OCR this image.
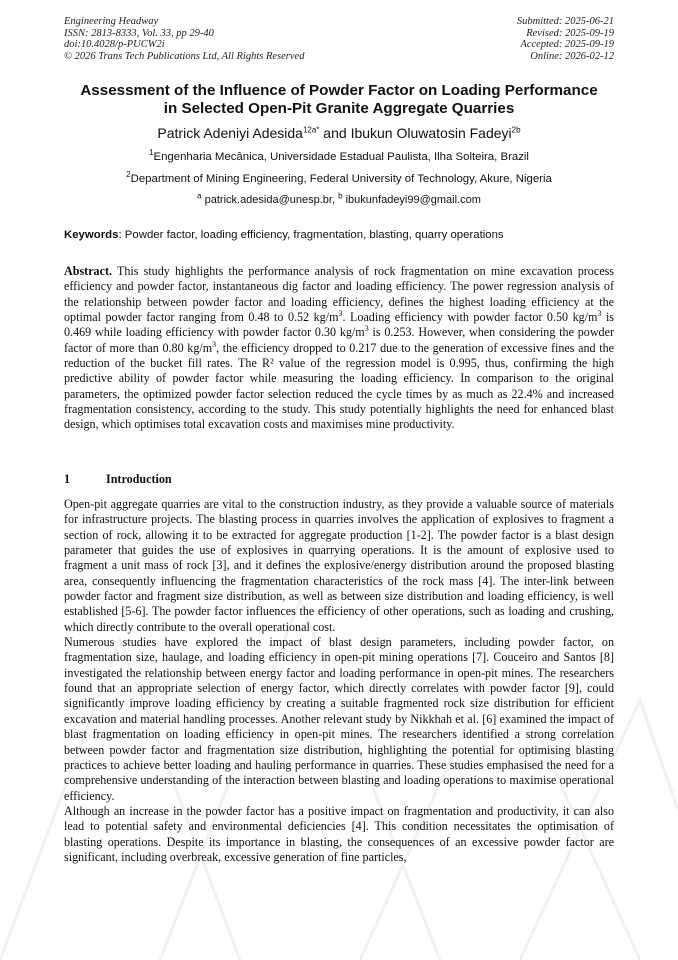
Engineering Headway
ISSN: 2813-8333, Vol. 33, pp 29-40
doi:10.4028/p-PUCW2i
© 2026 Trans Tech Publications Ltd, All Rights Reserved
Submitted: 2025-06-21
Revised: 2025-09-19
Accepted: 2025-09-19
Online: 2026-02-12
Assessment of the Influence of Powder Factor on Loading Performance
in Selected Open-Pit Granite Aggregate Quarries
Patrick Adeniyi Adesida$^{12a*}$ and Ibukun Oluwatosin Fadeyi$^{2b}$
$^1$Engenharia Mecânica, Universidade Estadual Paulista, Ilha Solteira, Brazil
$^2$Department of Mining Engineering, Federal University of Technology, Akure, Nigeria
$^a$ patrick.adesida@unesp.br, $^b$ ibukunfadeyi99@gmail.com
Keywords: Powder factor, loading efficiency, fragmentation, blasting, quarry operations
Abstract. This study highlights the performance analysis of rock fragmentation on mine excavation process efficiency and powder factor, instantaneous dig factor and loading efficiency. The power regression analysis of the relationship between powder factor and loading efficiency, defines the highest loading efficiency at the optimal powder factor ranging from 0.48 to 0.52 $kg/m^3$. Loading efficiency with powder factor 0.50 $kg/m^3$ is 0.469 while loading efficiency with powder factor 0.30 $kg/m^3$ is 0.253. However, when considering the powder factor of more than 0.80 $kg/m^3$, the efficiency dropped to 0.217 due to the generation of excessive fines and the reduction of the bucket fill rates. The R² value of the regression model is 0.995, thus, confirming the high predictive ability of powder factor while measuring the loading efficiency. In comparison to the original parameters, the optimized powder factor selection reduced the cycle times by as much as 22.4% and increased fragmentation consistency, according to the study. This study potentially highlights the need for enhanced blast design, which optimises total excavation costs and maximises mine productivity.
1	Introduction

Open-pit aggregate quarries are vital to the construction industry, as they provide a valuable source of materials for infrastructure projects. The blasting process in quarries involves the application of explosives to fragment a section of rock, allowing it to be extracted for aggregate production [1-2]. The powder factor is a blast design parameter that guides the use of explosives in quarrying operations. It is the amount of explosive used to fragment a unit mass of rock [3], and it defines the explosive/energy distribution around the proposed blasting area, consequently influencing the fragmentation characteristics of the rock mass [4]. The inter-link between powder factor and fragment size distribution, as well as between size distribution and loading efficiency, is well established [5-6]. The powder factor influences the efficiency of other operations, such as loading and crushing, which directly contribute to the overall operational cost.

Numerous studies have explored the impact of blast design parameters, including powder factor, on fragmentation size, haulage, and loading efficiency in open-pit mining operations [7]. Couceiro and Santos [8] investigated the relationship between energy factor and loading performance in open-pit mines. The researchers found that an appropriate selection of energy factor, which directly correlates with powder factor [9], could significantly improve loading efficiency by creating a suitable fragmented rock size distribution for efficient excavation and material handling processes. Another relevant study by Nikkhah et al. [6] examined the impact of blast fragmentation on loading efficiency in open-pit mines. The researchers identified a strong correlation between powder factor and fragmentation size distribution, highlighting the potential for optimising blasting practices to achieve better loading and hauling performance in quarries. These studies emphasised the need for a comprehensive understanding of the interaction between blasting and loading operations to maximise operational efficiency.

Although an increase in the powder factor has a positive impact on fragmentation and productivity, it can also lead to potential safety and environmental deficiencies [4]. This condition necessitates the optimisation of blasting operations. Despite its importance in blasting, the consequences of an excessive powder factor are significant, including overbreak, excessive generation of fine particles,
